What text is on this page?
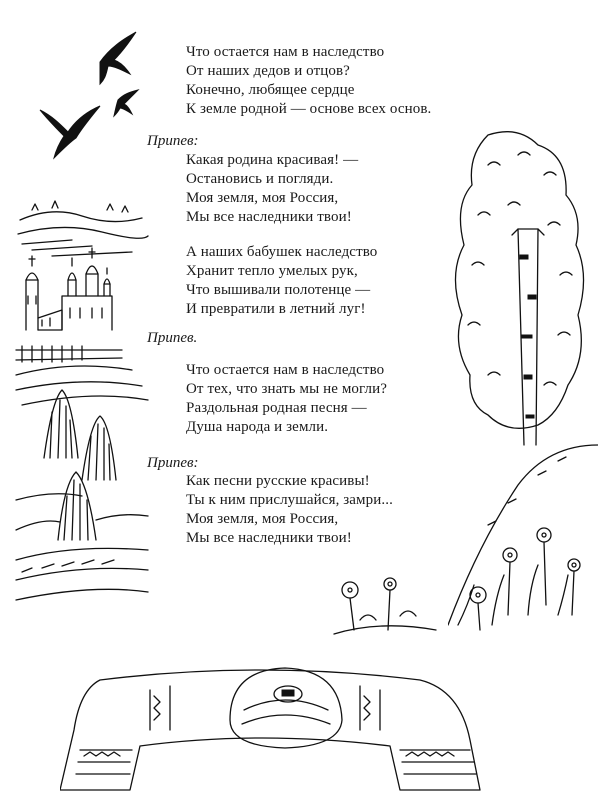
Что остается нам в наследство
От наших дедов и отцов?
Конечно, любящее сердце
К земле родной — основе всех основ.
Припев:
Какая родина красивая! —
Остановись и погляди.
Моя земля, моя Россия,
Мы все наследники твои!
А наших бабушек наследство
Хранит тепло умелых рук,
Что вышивали полотенце —
И превратили в летний луг!
Припев.
Что остается нам в наследство
От тех, что знать мы не могли?
Раздольная родная песня —
Душа народа и земли.
Припев:
Как песни русские красивы!
Ты к ним прислушайся, замри...
Моя земля, моя Россия,
Мы все наследники твои!
